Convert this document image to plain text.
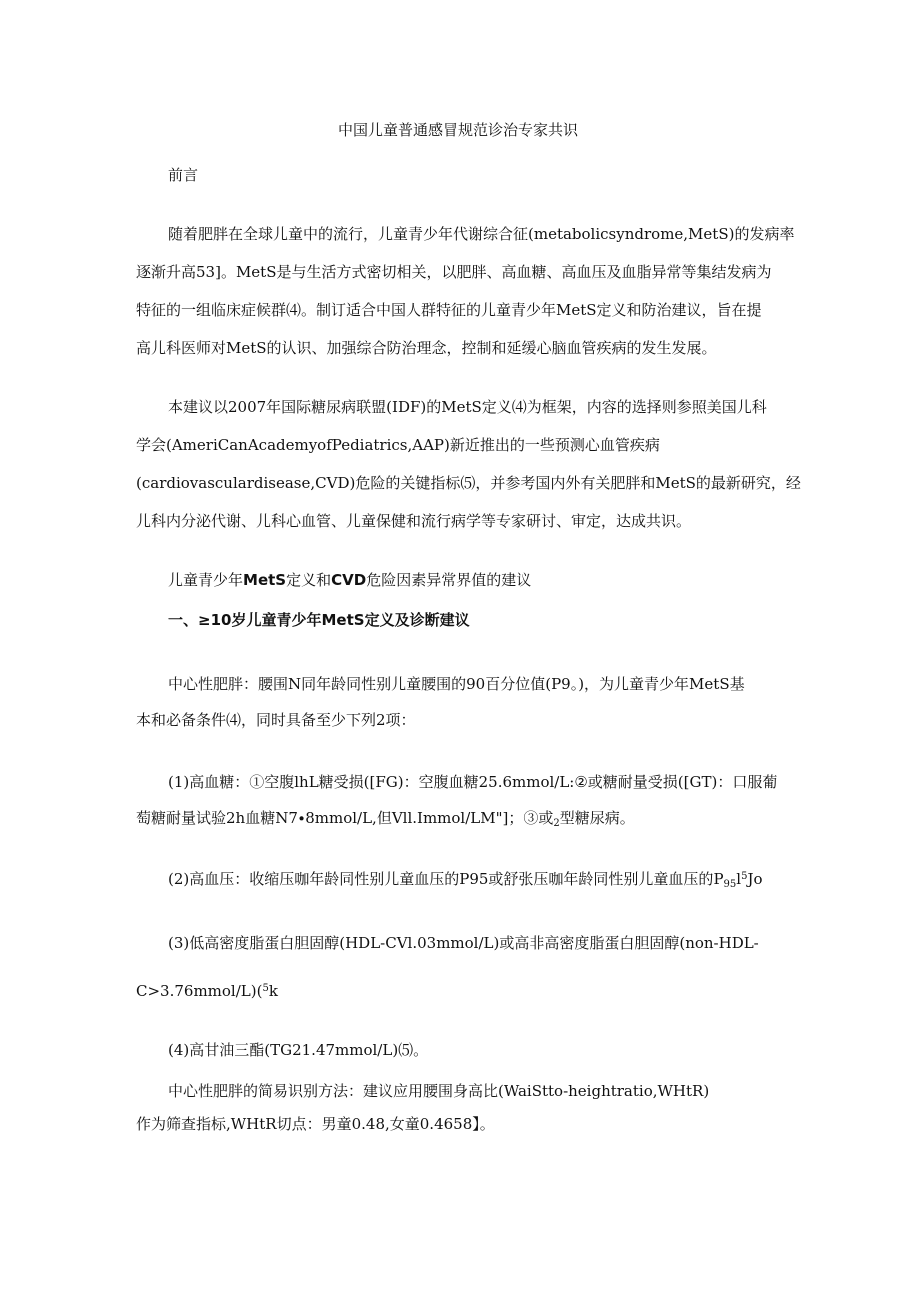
中国儿童普通感冒规范诊治专家共识
前言
随着肥胖在全球儿童中的流行，儿童青少年代谢综合征(metabolicsyndrome,MetS)的发病率
逐渐升高53]。MetS是与生活方式密切相关，以肥胖、高血糖、高血压及血脂异常等集结发病为
特征的一组临床症候群⑷。制订适合中国人群特征的儿童青少年MetS定义和防治建议，旨在提
高儿科医师对MetS的认识、加强综合防治理念，控制和延缓心脑血管疾病的发生发展。
本建议以2007年国际糖尿病联盟(IDF)的MetS定义⑷为框架，内容的选择则参照美国儿科
学会(AmeriCanAcademyofPediatrics,AAP)新近推出的一些预测心血管疾病
(cardiovasculardisease,CVD)危险的关键指标⑸，并参考国内外有关肥胖和MetS的最新研究，经
儿科内分泌代谢、儿科心血管、儿童保健和流行病学等专家研讨、审定，达成共识。
儿童青少年MetS定义和CVD危险因素异常界值的建议
一、≥10岁儿童青少年MetS定义及诊断建议
中心性肥胖：腰围N同年龄同性别儿童腰围的90百分位值(P9。)，为儿童青少年MetS基
本和必备条件⑷，同时具备至少下列2项：
(1)高血糖：①空腹lhL糖受损([FG)：空腹血糖25.6mmol∕L:②或糖耐量受损([GT)：口服葡
萄糖耐量试验2h血糖N7∙8mmol∕L,但Vll.Immol/LM"]；③或$_2$型糖尿病。
(2)高血压：收缩压咖年龄同性别儿童血压的P95或舒张压咖年龄同性别儿童血压的$P_{95}l^5Jo$
(3)低高密度脂蛋白胆固醇(HDL-CVl.03mmol∕L)或高非高密度脂蛋白胆固醇(non-HDL-
C>3.76mmol∕L)($^5$k
(4)高甘油三酯(TG21.47mmol∕L)⑸。
中心性肥胖的简易识别方法：建议应用腰围身高比(WaiStto-heightratio,WHtR)
作为筛查指标,WHtR切点：男童0.48,女童0.4658】。
